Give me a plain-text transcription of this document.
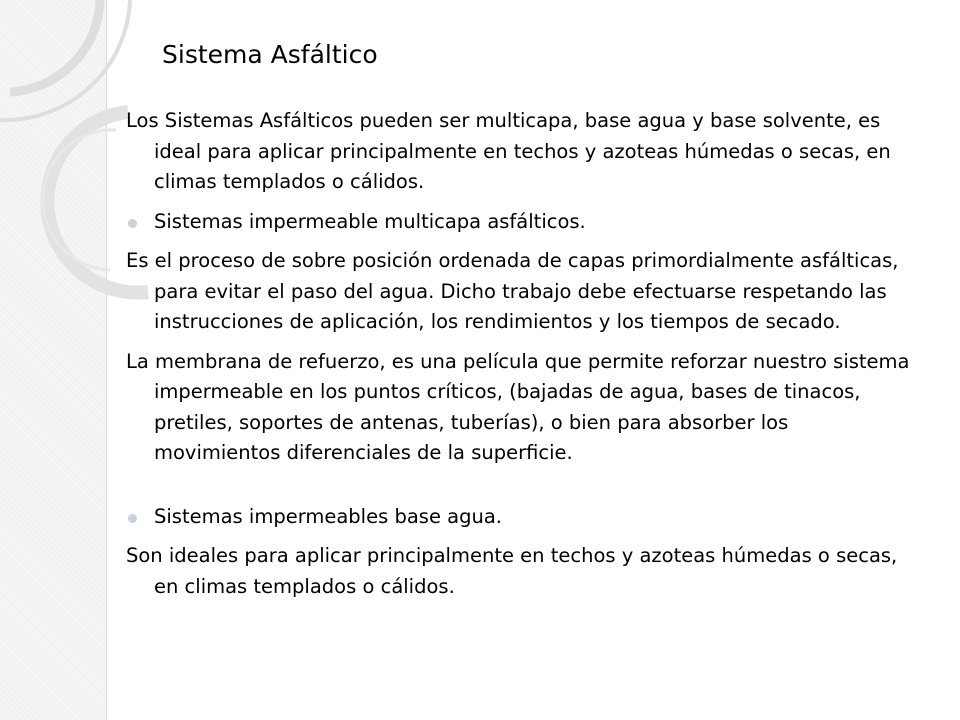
Sistema Asfáltico

Los Sistemas Asfálticos pueden ser multicapa, base agua y base solvente, es ideal para aplicar principalmente en techos y azoteas húmedas o secas, en climas templados o cálidos.

Sistemas impermeable multicapa asfálticos.

Es el proceso de sobre posición ordenada de capas primordialmente asfálticas, para evitar el paso del agua. Dicho trabajo debe efectuarse respetando las instrucciones de aplicación, los rendimientos y los tiempos de secado.

La membrana de refuerzo, es una película que permite reforzar nuestro sistema impermeable en los puntos críticos, (bajadas de agua, bases de tinacos, pretiles, soportes de antenas, tuberías), o bien para absorber los movimientos diferenciales de la superficie.

Sistemas impermeables base agua.

Son ideales para aplicar principalmente en techos y azoteas húmedas o secas, en climas templados o cálidos.
